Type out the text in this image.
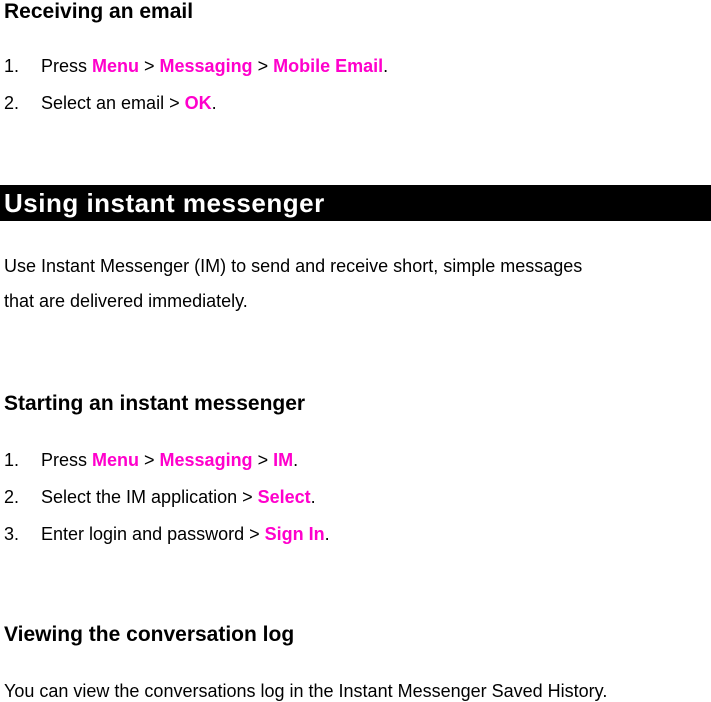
Receiving an email
1. Press Menu > Messaging > Mobile Email.
2. Select an email > OK.
Using instant messenger
Use Instant Messenger (IM) to send and receive short, simple messages
that are delivered immediately.
Starting an instant messenger
1. Press Menu > Messaging > IM.
2. Select the IM application > Select.
3. Enter login and password > Sign In.
Viewing the conversation log
You can view the conversations log in the Instant Messenger Saved History.
